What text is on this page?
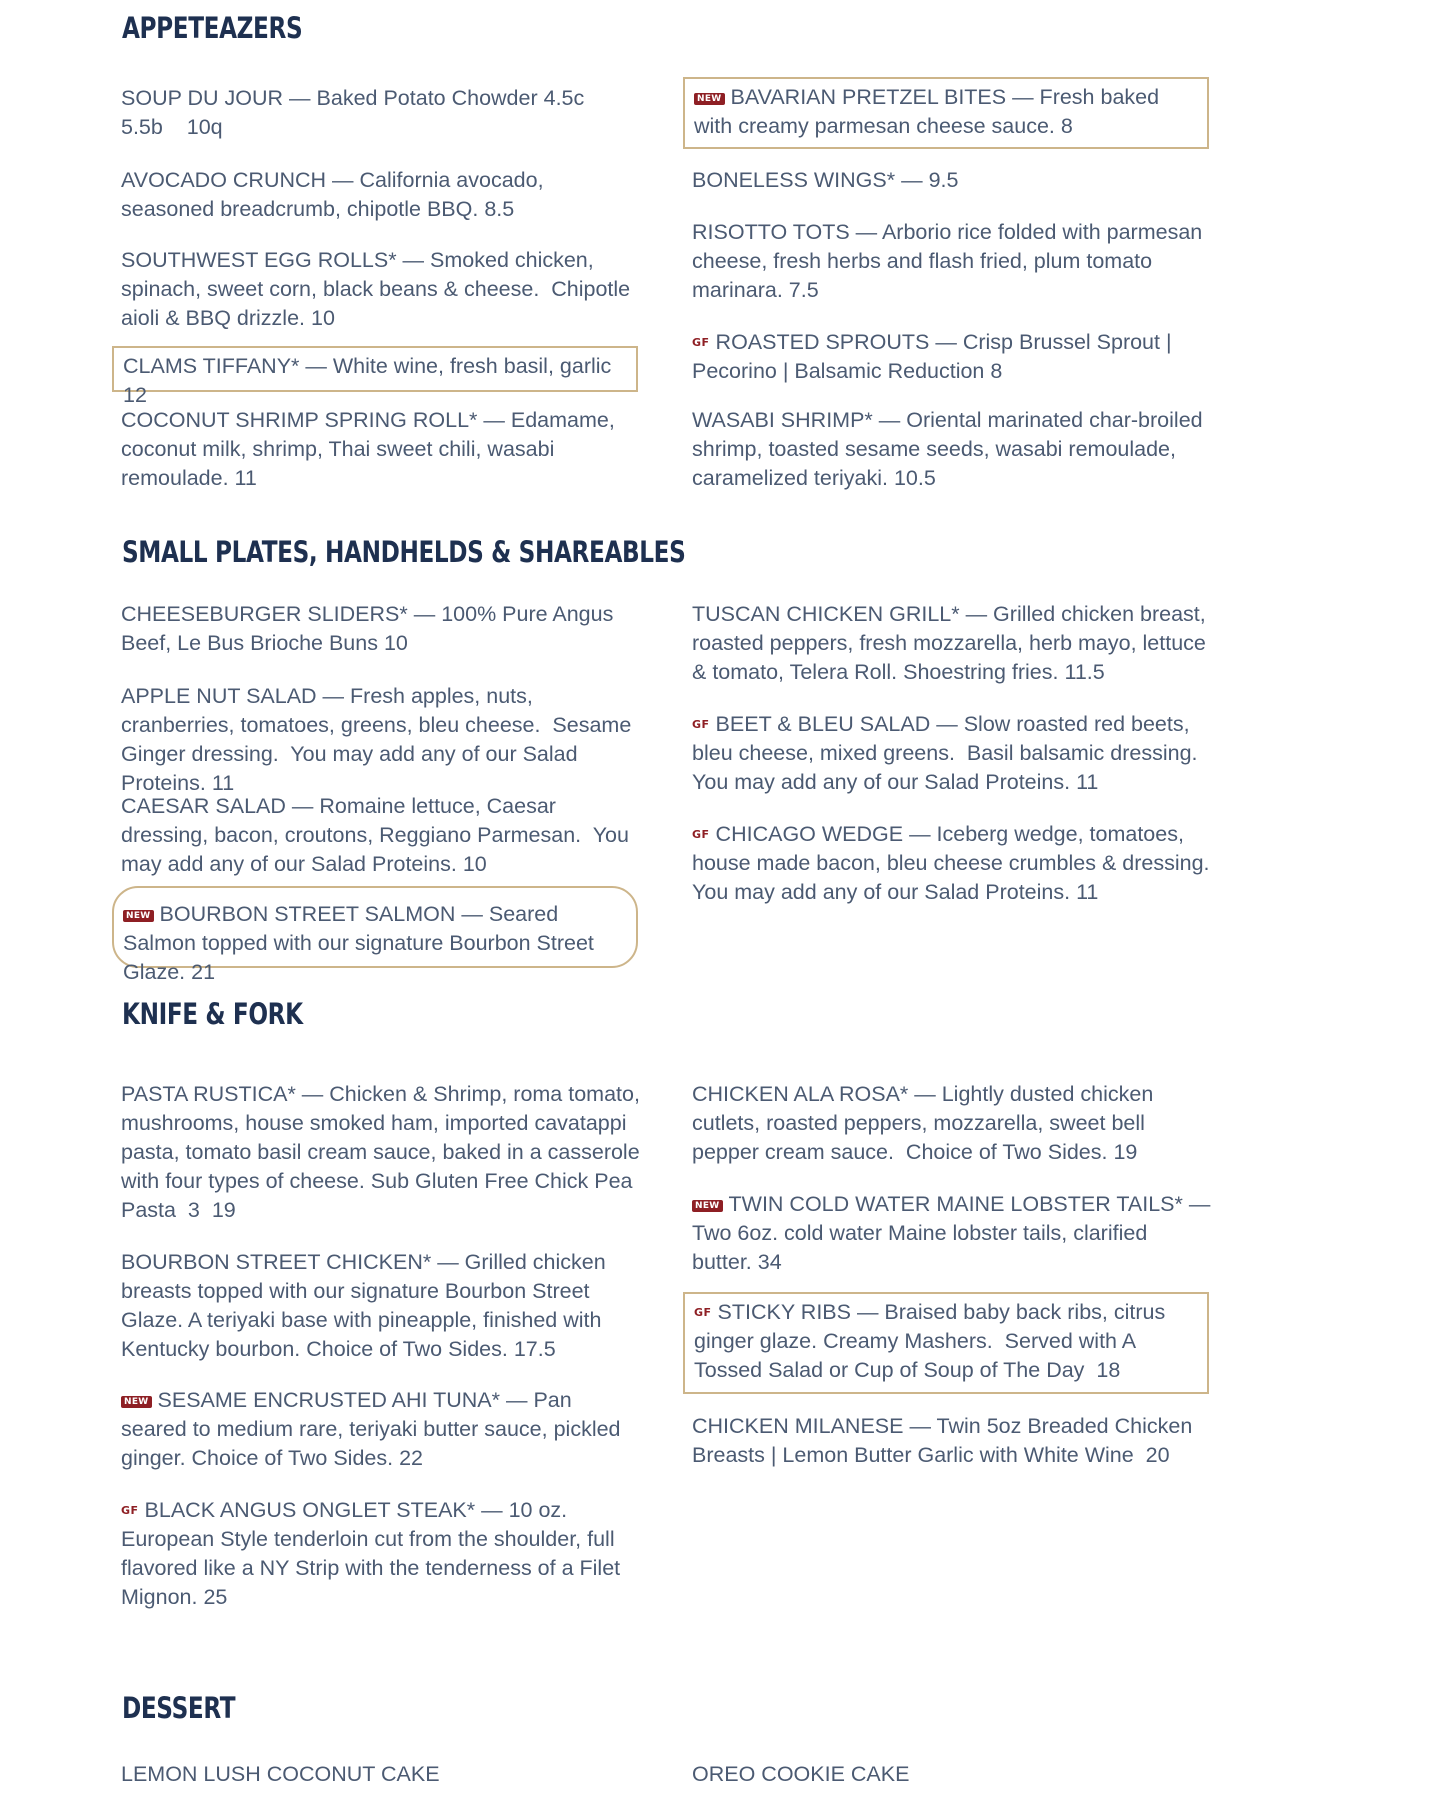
APPETEAZERS

SOUP DU JOUR — Baked Potato Chowder 4.5c
5.5b    10q

AVOCADO CRUNCH — California avocado, seasoned breadcrumb, chipotle BBQ. 8.5

SOUTHWEST EGG ROLLS* — Smoked chicken, spinach, sweet corn, black beans & cheese.  Chipotle aioli & BBQ drizzle. 10

CLAMS TIFFANY* — White wine, fresh basil, garlic 12

COCONUT SHRIMP SPRING ROLL* — Edamame, coconut milk, shrimp, Thai sweet chili, wasabi remoulade. 11

NEW BAVARIAN PRETZEL BITES — Fresh baked with creamy parmesan cheese sauce. 8

BONELESS WINGS* — 9.5

RISOTTO TOTS — Arborio rice folded with parmesan cheese, fresh herbs and flash fried, plum tomato marinara. 7.5

GF ROASTED SPROUTS — Crisp Brussel Sprout | Pecorino | Balsamic Reduction 8

WASABI SHRIMP* — Oriental marinated char-broiled shrimp, toasted sesame seeds, wasabi remoulade, caramelized teriyaki. 10.5

SMALL PLATES, HANDHELDS & SHAREABLES

CHEESEBURGER SLIDERS* — 100% Pure Angus Beef, Le Bus Brioche Buns 10

APPLE NUT SALAD — Fresh apples, nuts, cranberries, tomatoes, greens, bleu cheese.  Sesame Ginger dressing.  You may add any of our Salad Proteins. 11

CAESAR SALAD — Romaine lettuce, Caesar dressing, bacon, croutons, Reggiano Parmesan.  You may add any of our Salad Proteins. 10

NEW BOURBON STREET SALMON — Seared Salmon topped with our signature Bourbon Street Glaze. 21

TUSCAN CHICKEN GRILL* — Grilled chicken breast, roasted peppers, fresh mozzarella, herb mayo, lettuce & tomato, Telera Roll. Shoestring fries. 11.5

GF BEET & BLEU SALAD — Slow roasted red beets, bleu cheese, mixed greens.  Basil balsamic dressing.  You may add any of our Salad Proteins. 11

GF CHICAGO WEDGE — Iceberg wedge, tomatoes, house made bacon, bleu cheese crumbles & dressing.  You may add any of our Salad Proteins. 11

KNIFE & FORK

PASTA RUSTICA* — Chicken & Shrimp, roma tomato, mushrooms, house smoked ham, imported cavatappi pasta, tomato basil cream sauce, baked in a casserole with four types of cheese. Sub Gluten Free Chick Pea Pasta  3  19

BOURBON STREET CHICKEN* — Grilled chicken breasts topped with our signature Bourbon Street Glaze. A teriyaki base with pineapple, finished with Kentucky bourbon. Choice of Two Sides. 17.5

NEW SESAME ENCRUSTED AHI TUNA* — Pan seared to medium rare, teriyaki butter sauce, pickled ginger. Choice of Two Sides. 22

GF BLACK ANGUS ONGLET STEAK* — 10 oz. European Style tenderloin cut from the shoulder, full flavored like a NY Strip with the tenderness of a Filet Mignon. 25

CHICKEN ALA ROSA* — Lightly dusted chicken cutlets, roasted peppers, mozzarella, sweet bell pepper cream sauce.  Choice of Two Sides. 19

NEW TWIN COLD WATER MAINE LOBSTER TAILS* — Two 6oz. cold water Maine lobster tails, clarified butter. 34

GF STICKY RIBS — Braised baby back ribs, citrus ginger glaze. Creamy Mashers.  Served with A Tossed Salad or Cup of Soup of The Day  18

CHICKEN MILANESE — Twin 5oz Breaded Chicken Breasts | Lemon Butter Garlic with White Wine  20

DESSERT

LEMON LUSH COCONUT CAKE	OREO COOKIE CAKE
